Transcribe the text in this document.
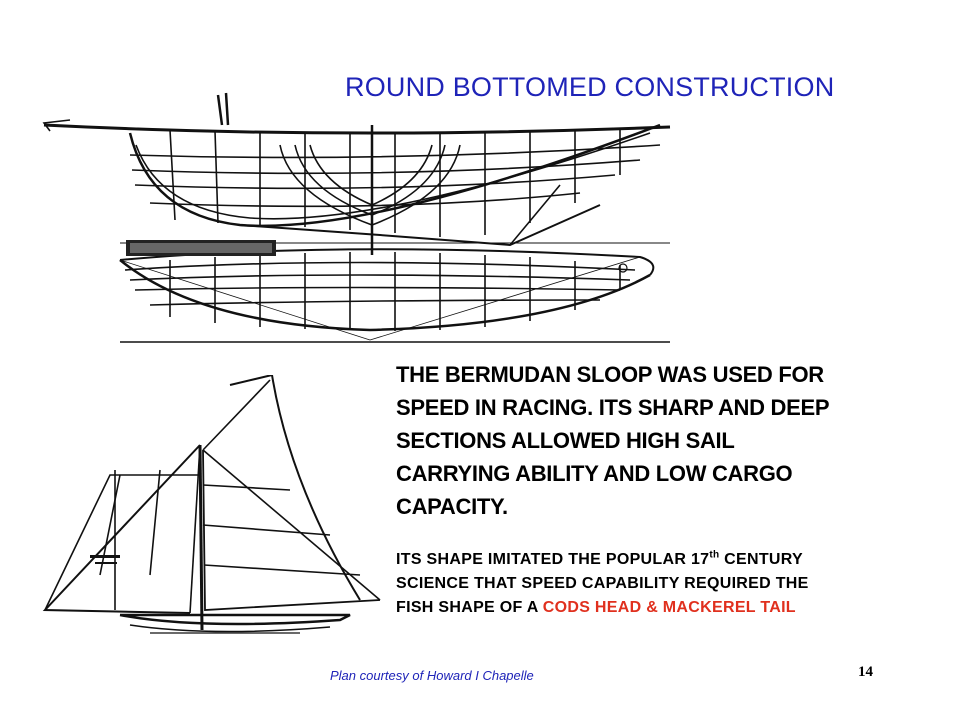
ROUND BOTTOMED CONSTRUCTION
THE BERMUDAN SLOOP WAS USED FOR
SPEED IN RACING. ITS SHARP AND DEEP
SECTIONS ALLOWED HIGH SAIL
CARRYING ABILITY AND LOW CARGO
CAPACITY.
ITS SHAPE IMITATED THE POPULAR 17th CENTURY
SCIENCE THAT SPEED CAPABILITY REQUIRED THE
FISH SHAPE OF A CODS HEAD & MACKEREL TAIL
Plan courtesy of Howard I Chapelle	14
